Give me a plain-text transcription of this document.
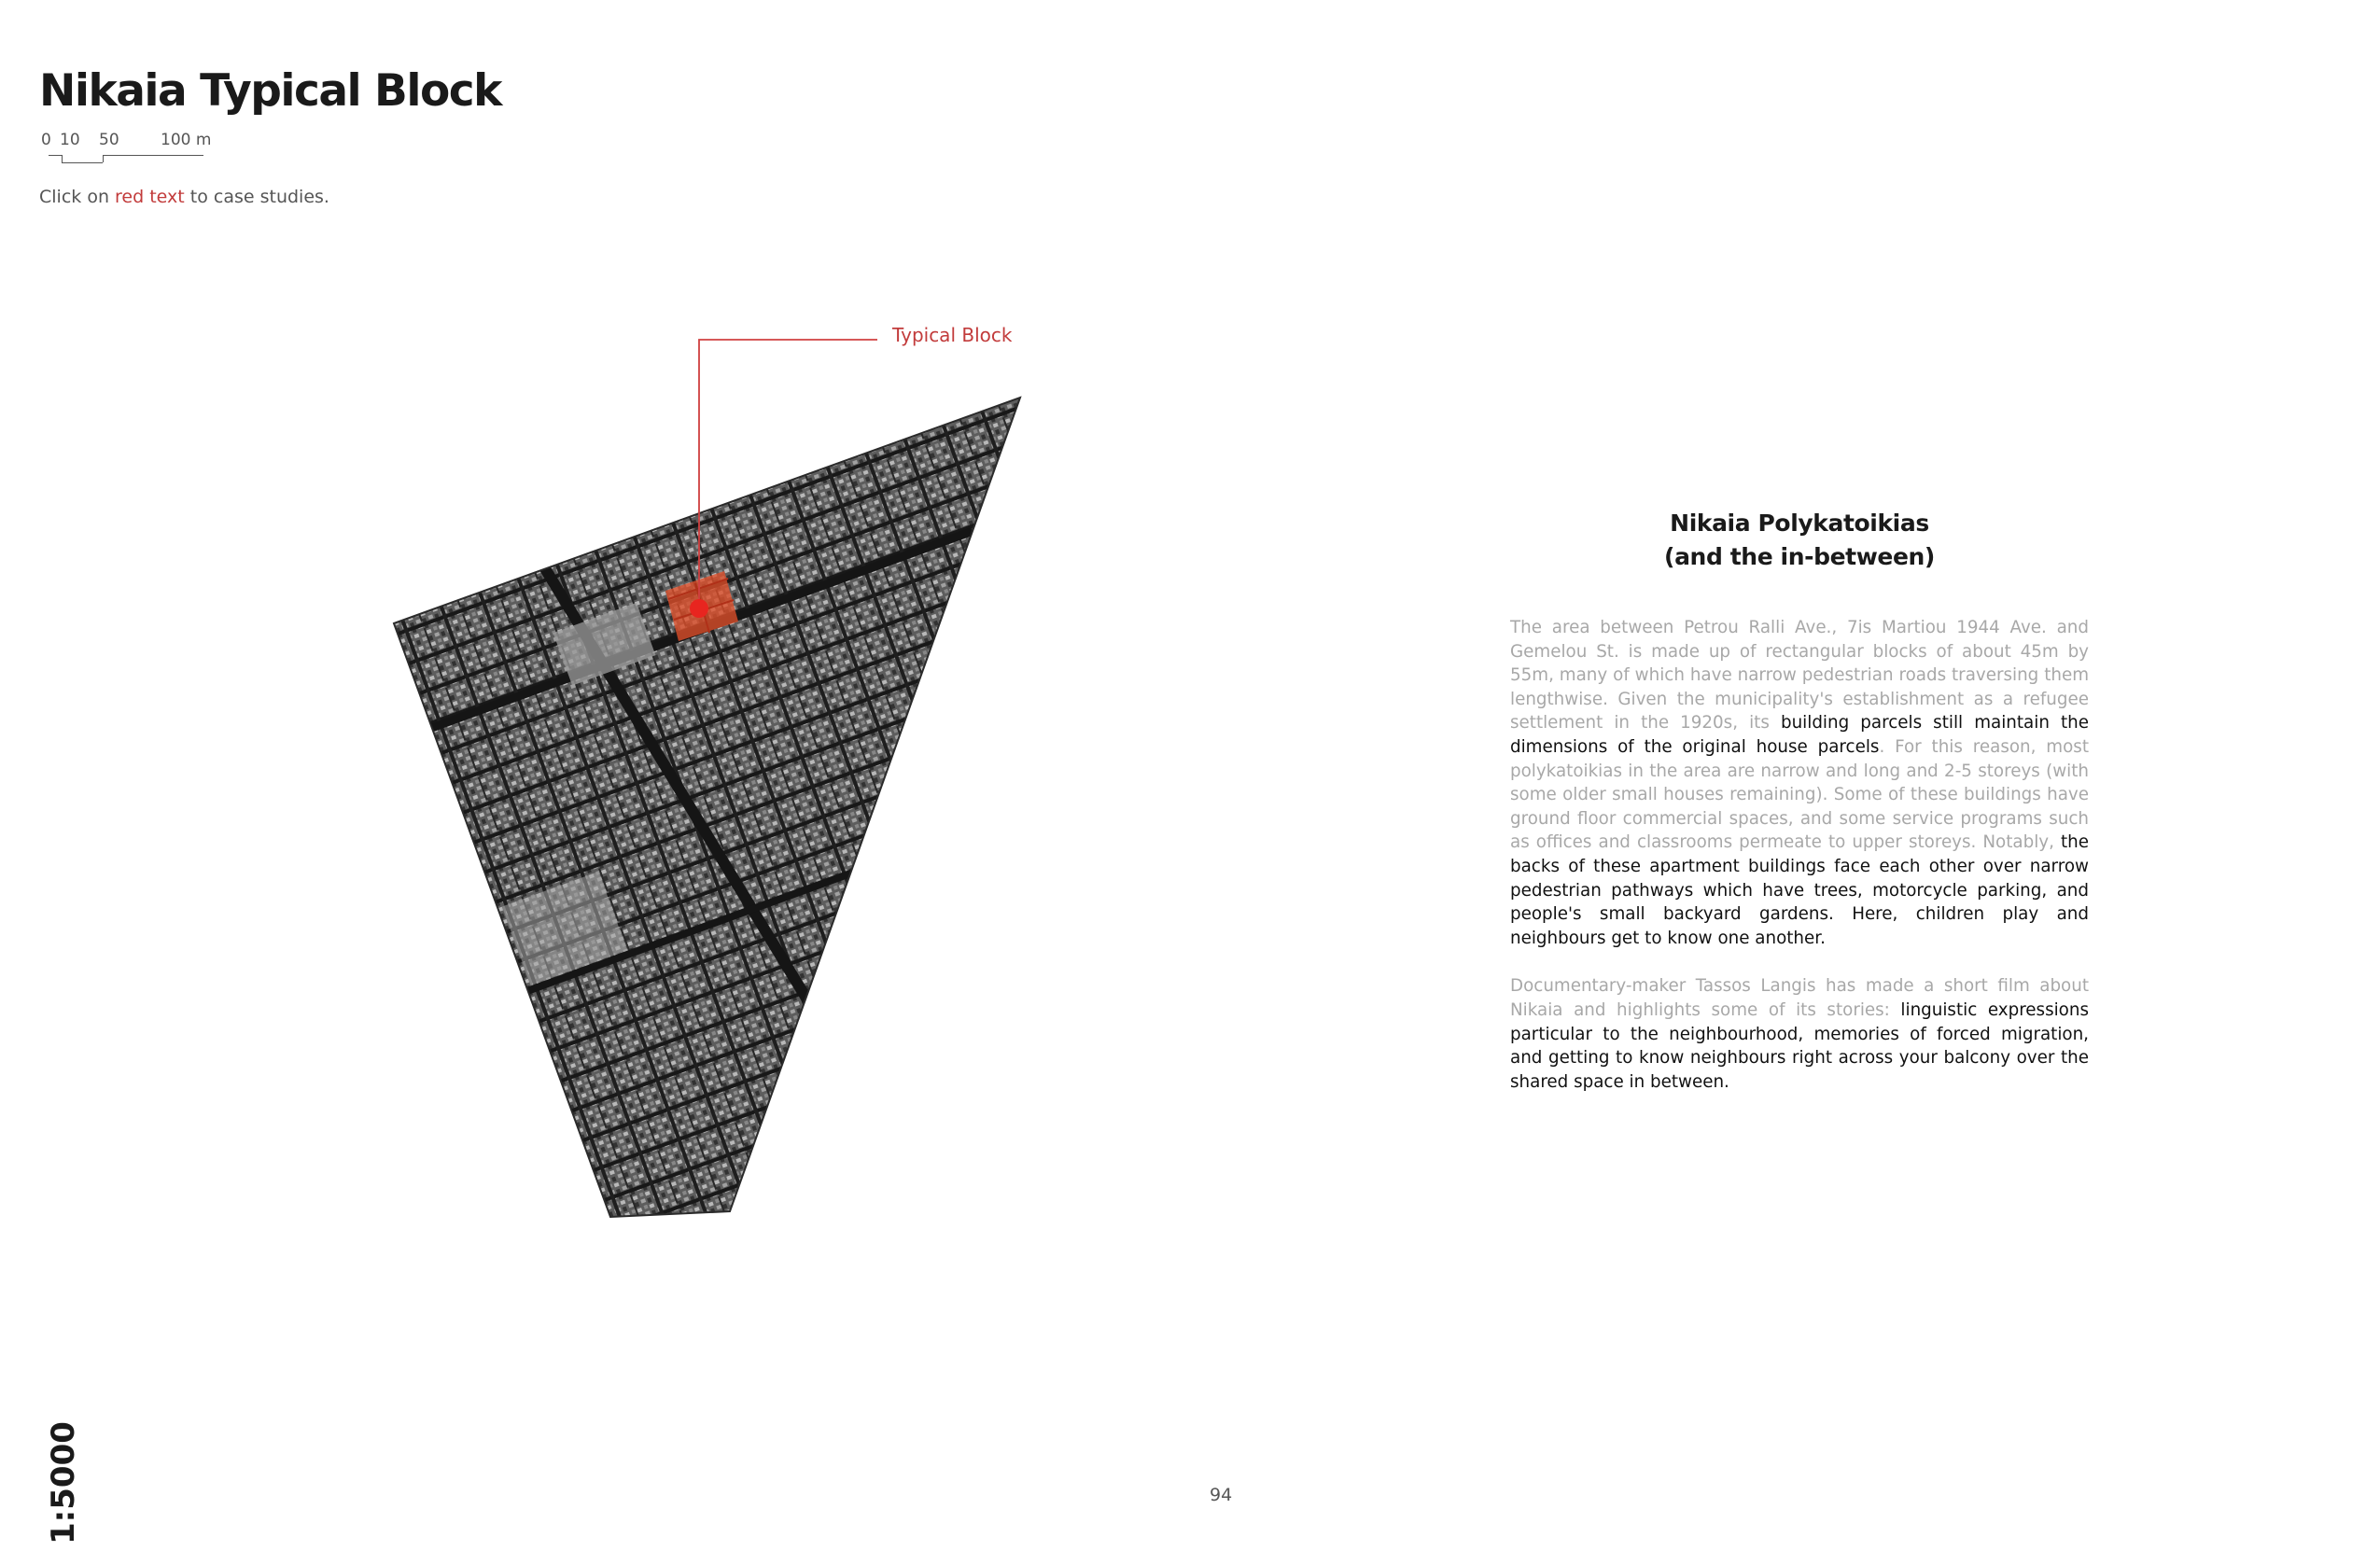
Nikaia Typical Block
0 10 50	100 m

Click on red text to case studies.

Typical Block
Nikaia Polykatoikias
(and the in-between)

The area between Petrou Ralli Ave., 7is Martiou 1944 Ave. and Gemelou St. is made up of rectangular blocks of about 45m by 55m, many of which have narrow pedestrian roads traversing them lengthwise. Given the municipality's establishment as a refugee settlement in the 1920s, its building parcels still maintain the dimensions of the original house parcels. For this reason, most polykatoikias in the area are narrow and long and 2-5 storeys (with some older small houses remaining). Some of these buildings have ground floor commercial spaces, and some service programs such as offices and classrooms permeate to upper storeys. Notably, the backs of these apartment buildings face each other over narrow pedestrian pathways which have trees, motorcycle parking, and people's small backyard gardens. Here, children play and neighbours get to know one another.

Documentary-maker Tassos Langis has made a short film about Nikaia and highlights some of its stories: linguistic expressions particular to the neighbourhood, memories of forced migration, and getting to know neighbours right across your balcony over the shared space in between.

94
1:5000
